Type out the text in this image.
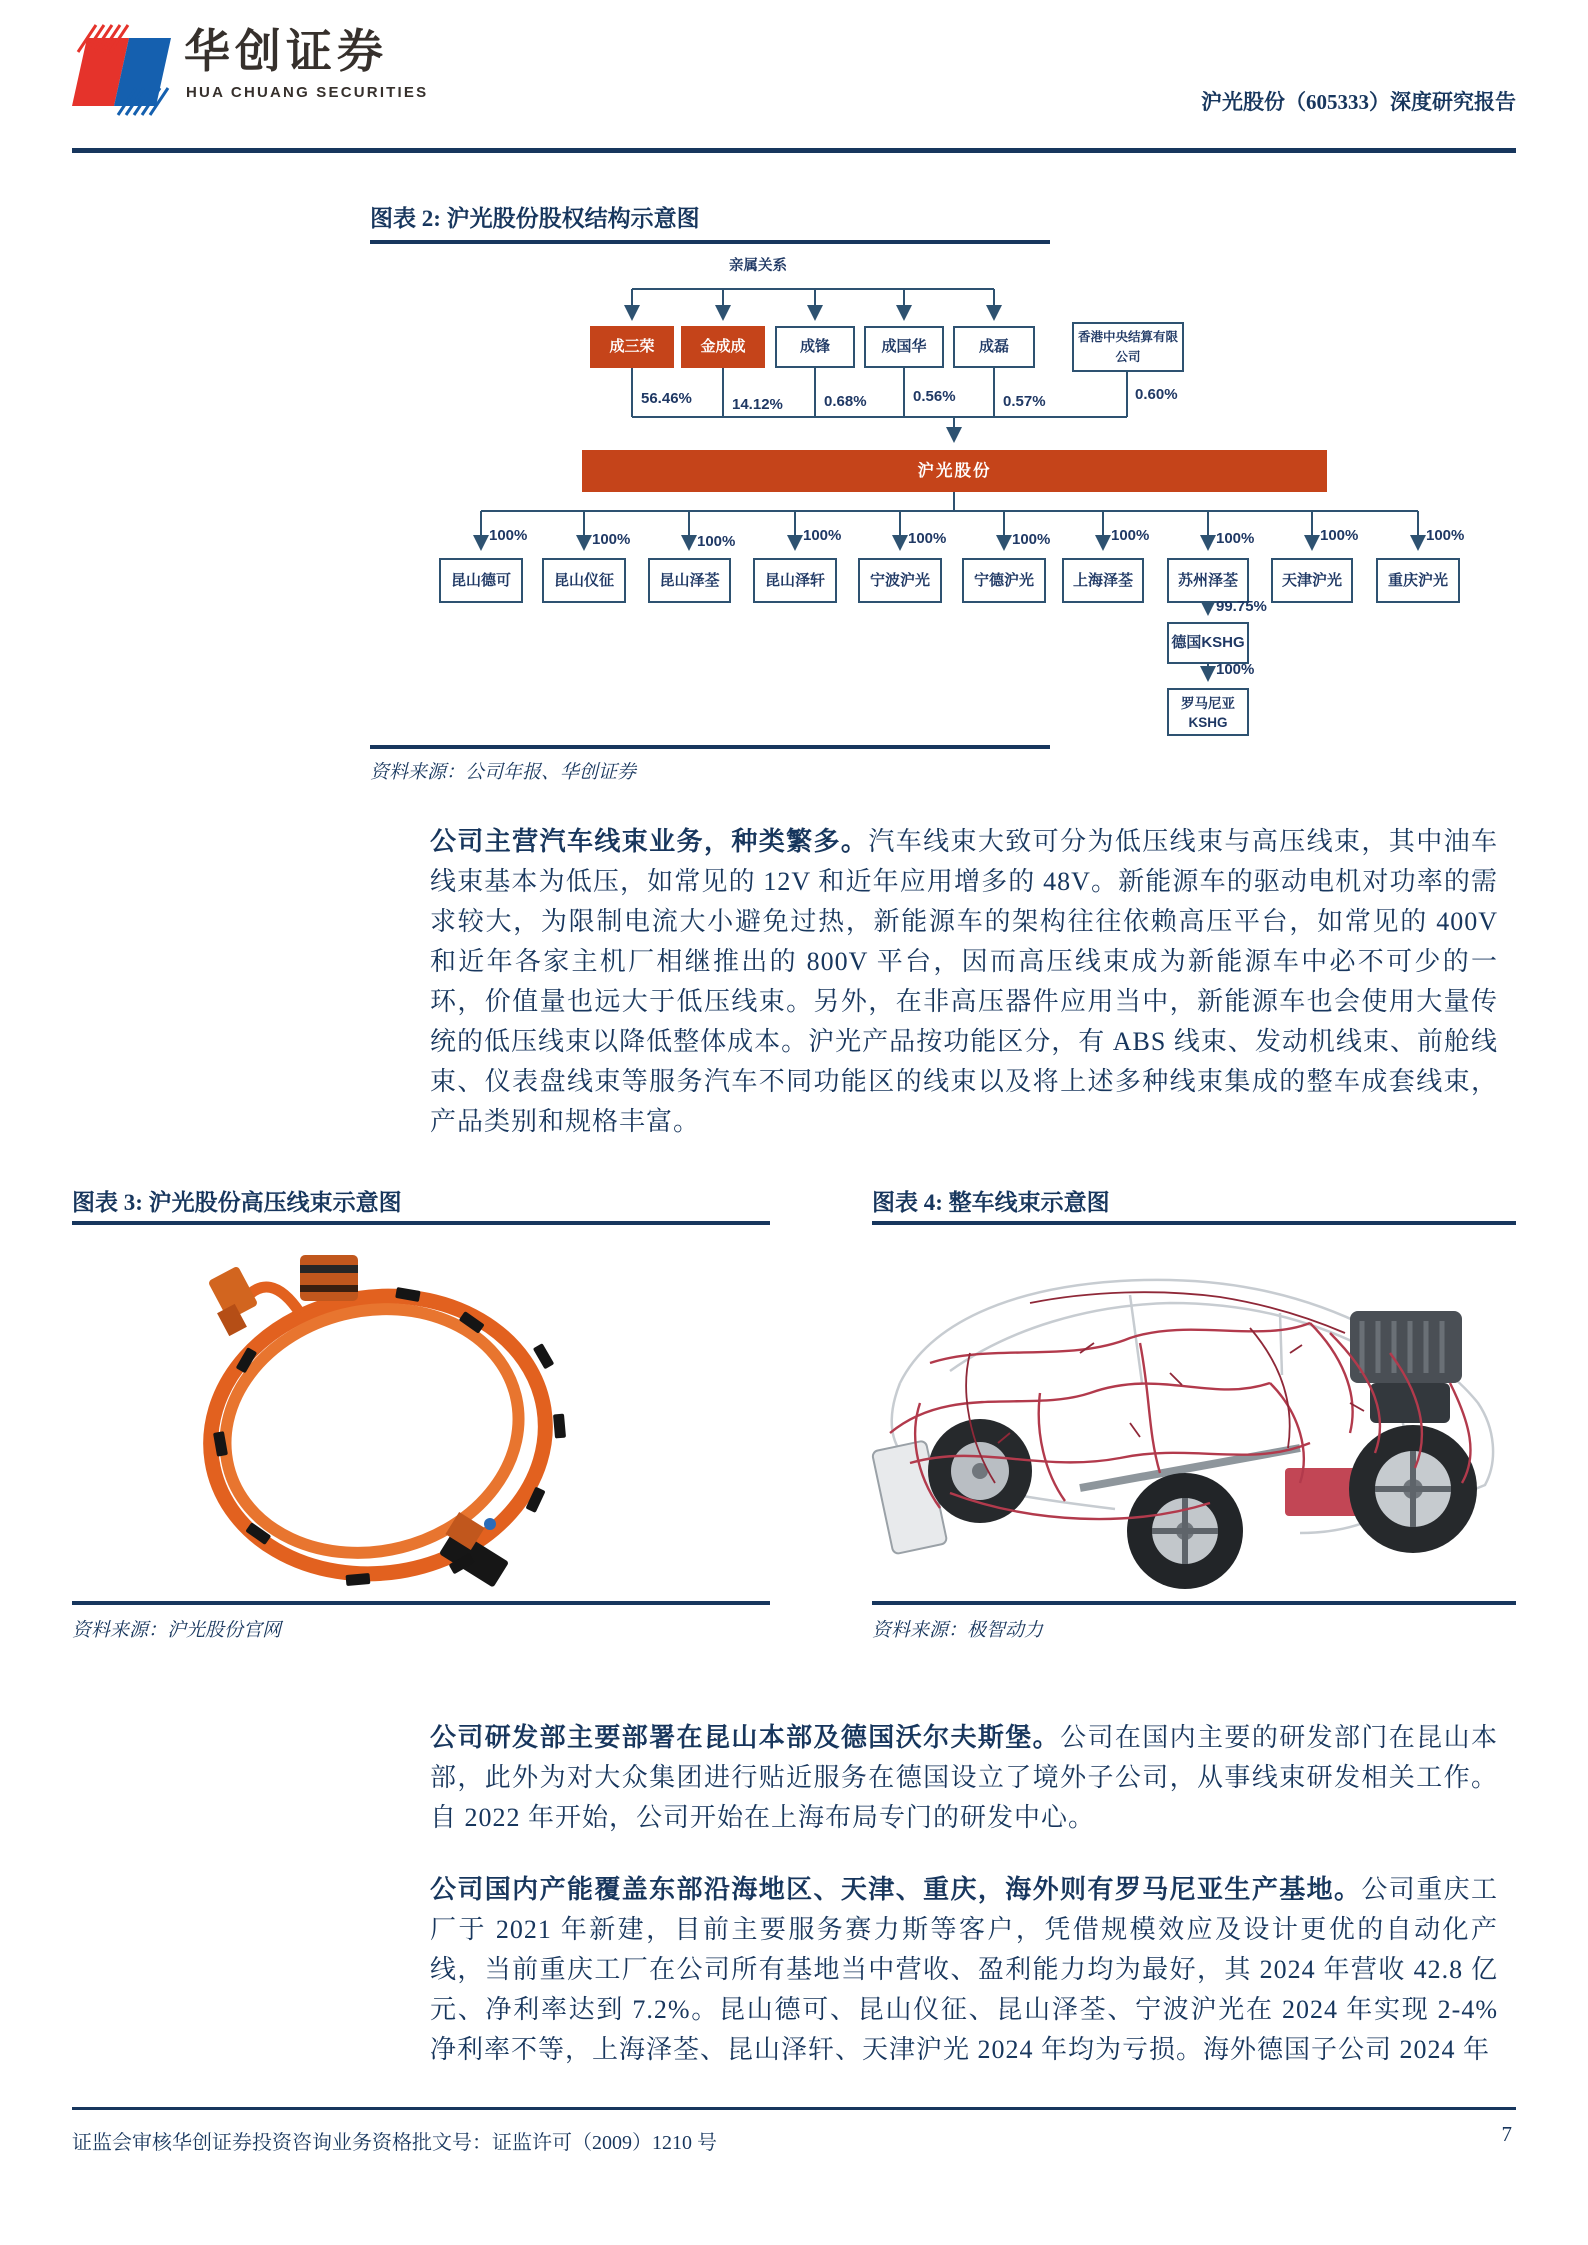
华创证券
HUA CHUANG SECURITIES	沪光股份（605333）深度研究报告
图表 2: 沪光股份股权结构示意图
亲属关系
成三荣	金成成	成锋	成国华	成磊
香港中央结算有限公司
56.46%	14.12%	0.68%	0.56%	0.57%	0.60%
沪光股份
昆山德可	昆山仪征	昆山泽荃	昆山泽轩	宁波沪光	宁德沪光	上海泽荃	苏州泽荃	天津沪光	重庆沪光
100%	100%	100%	100%	100%	100%	100%	100%	100%	100%
99.75%
德国KSHG
100%
罗马尼亚KSHG
资料来源：公司年报、华创证券
公司主营汽车线束业务，种类繁多。汽车线束大致可分为低压线束与高压线束，其中油车线束基本为低压，如常见的 12V 和近年应用增多的 48V。新能源车的驱动电机对功率的需求较大，为限制电流大小避免过热，新能源车的架构往往依赖高压平台，如常见的 400V 和近年各家主机厂相继推出的 800V 平台，因而高压线束成为新能源车中必不可少的一环，价值量也远大于低压线束。另外，在非高压器件应用当中，新能源车也会使用大量传统的低压线束以降低整体成本。沪光产品按功能区分，有 ABS 线束、发动机线束、前舱线束、仪表盘线束等服务汽车不同功能区的线束以及将上述多种线束集成的整车成套线束，产品类别和规格丰富。
图表 3: 沪光股份高压线束示意图	图表 4: 整车线束示意图
资料来源：沪光股份官网	资料来源：极智动力
公司研发部主要部署在昆山本部及德国沃尔夫斯堡。公司在国内主要的研发部门在昆山本部，此外为对大众集团进行贴近服务在德国设立了境外子公司，从事线束研发相关工作。自 2022 年开始，公司开始在上海布局专门的研发中心。
公司国内产能覆盖东部沿海地区、天津、重庆，海外则有罗马尼亚生产基地。公司重庆工厂于 2021 年新建，目前主要服务赛力斯等客户，凭借规模效应及设计更优的自动化产线，当前重庆工厂在公司所有基地当中营收、盈利能力均为最好，其 2024 年营收 42.8 亿元、净利率达到 7.2%。昆山德可、昆山仪征、昆山泽荃、宁波沪光在 2024 年实现 2-4%净利率不等，上海泽荃、昆山泽轩、天津沪光 2024 年均为亏损。海外德国子公司 2024 年
证监会审核华创证券投资咨询业务资格批文号：证监许可（2009）1210 号	7
